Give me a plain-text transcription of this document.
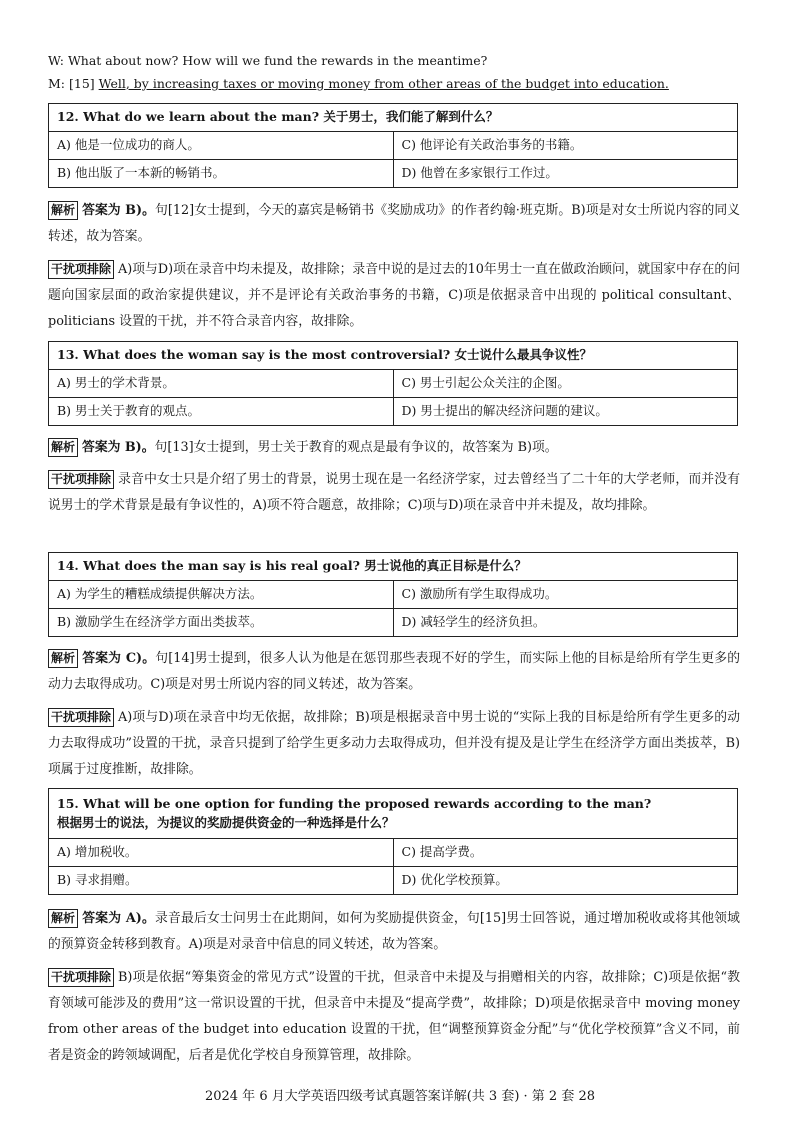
W: What about now? How will we fund the rewards in the meantime?
M: [15] Well, by increasing taxes or moving money from other areas of the budget into education.
12. What do we learn about the man? 关于男士，我们能了解到什么？	
A) 他是一位成功的商人。	C) 他评论有关政治事务的书籍。
B) 他出版了一本新的畅销书。	D) 他曾在多家银行工作过。
解析 答案为 B)。句[12]女士提到，今天的嘉宾是畅销书《奖励成功》的作者约翰·班克斯。B)项是对女士所说内容的同义转述，故为答案。
干扰项排除 A)项与D)项在录音中均未提及，故排除；录音中说的是过去的10年男士一直在做政治顾问，就国家中存在的问题向国家层面的政治家提供建议，并不是评论有关政治事务的书籍，C)项是依据录音中出现的 political consultant、politicians 设置的干扰，并不符合录音内容，故排除。
13. What does the woman say is the most controversial? 女士说什么最具争议性？	
A) 男士的学术背景。	C) 男士引起公众关注的企图。
B) 男士关于教育的观点。	D) 男士提出的解决经济问题的建议。
解析 答案为 B)。句[13]女士提到，男士关于教育的观点是最有争议的，故答案为 B)项。
干扰项排除 录音中女士只是介绍了男士的背景，说男士现在是一名经济学家，过去曾经当了二十年的大学老师，而并没有说男士的学术背景是最有争议性的，A)项不符合题意，故排除；C)项与D)项在录音中并未提及，故均排除。
14. What does the man say is his real goal? 男士说他的真正目标是什么？	
A) 为学生的糟糕成绩提供解决方法。	C) 激励所有学生取得成功。
B) 激励学生在经济学方面出类拔萃。	D) 减轻学生的经济负担。
解析 答案为 C)。句[14]男士提到，很多人认为他是在惩罚那些表现不好的学生，而实际上他的目标是给所有学生更多的动力去取得成功。C)项是对男士所说内容的同义转述，故为答案。
干扰项排除 A)项与D)项在录音中均无依据，故排除；B)项是根据录音中男士说的“实际上我的目标是给所有学生更多的动力去取得成功”设置的干扰，录音只提到了给学生更多动力去取得成功，但并没有提及是让学生在经济学方面出类拔萃，B)项属于过度推断，故排除。
15. What will be one option for funding the proposed rewards according to the man?
根据男士的说法，为提议的奖励提供资金的一种选择是什么？	

A) 增加税收。	C) 提高学费。
B) 寻求捐赠。	D) 优化学校预算。
解析 答案为 A)。录音最后女士问男士在此期间，如何为奖励提供资金，句[15]男士回答说，通过增加税收或将其他领域的预算资金转移到教育。A)项是对录音中信息的同义转述，故为答案。
干扰项排除 B)项是依据“筹集资金的常见方式”设置的干扰，但录音中未提及与捐赠相关的内容，故排除；C)项是依据“教育领域可能涉及的费用”这一常识设置的干扰，但录音中未提及“提高学费”，故排除；D)项是依据录音中 moving money from other areas of the budget into education 设置的干扰，但“调整预算资金分配”与“优化学校预算”含义不同，前者是资金的跨领域调配，后者是优化学校自身预算管理，故排除。
2024 年 6 月大学英语四级考试真题答案详解(共 3 套) · 第 2 套 28
